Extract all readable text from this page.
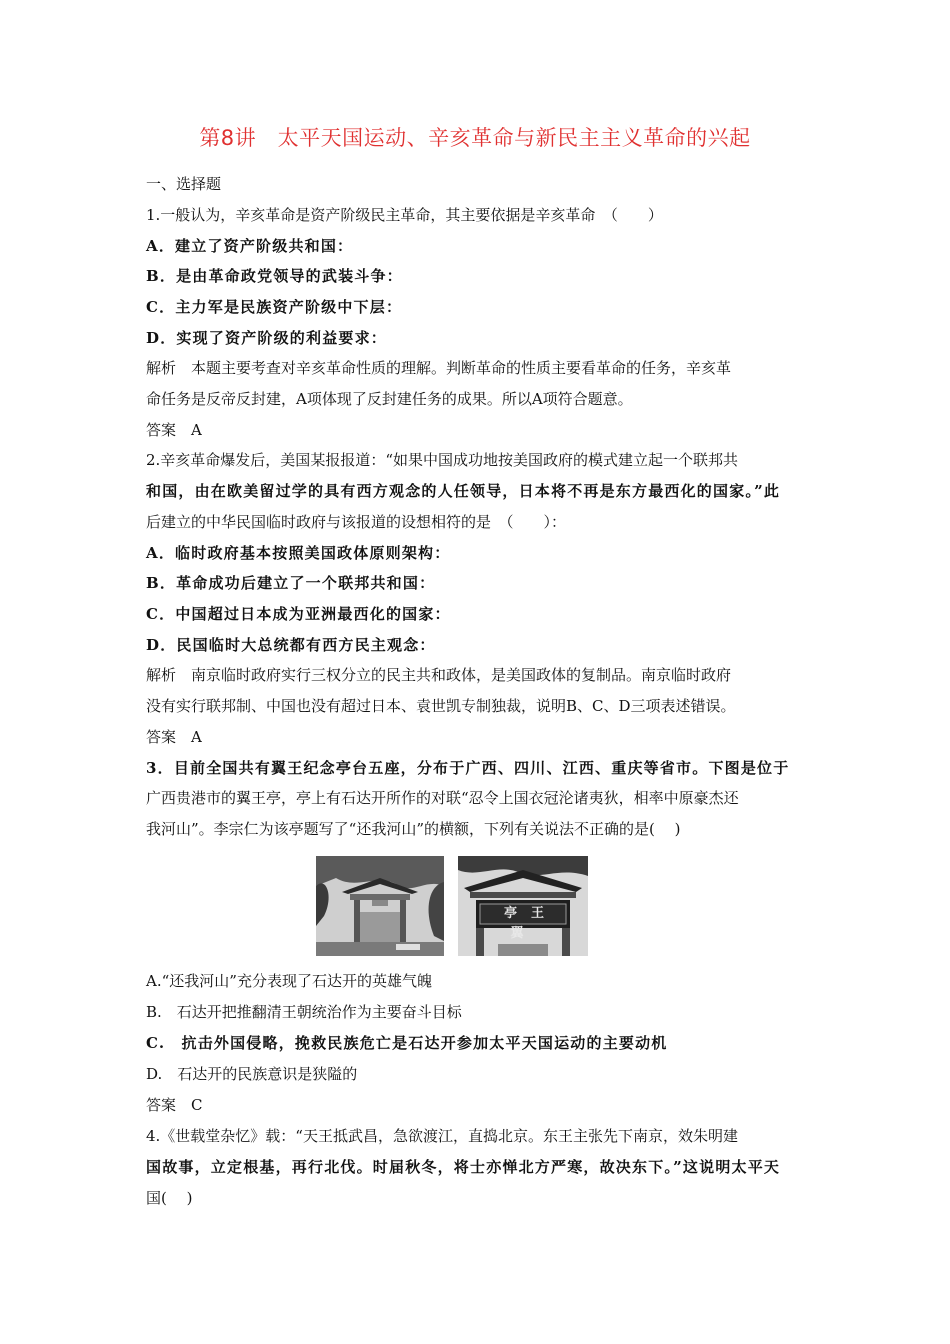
第8讲　太平天国运动、辛亥革命与新民主主义革命的兴起
一、选择题
1.一般认为，辛亥革命是资产阶级民主革命，其主要依据是辛亥革命　（　　）
A．建立了资产阶级共和国：
B．是由革命政党领导的武装斗争：
C．主力军是民族资产阶级中下层：
D．实现了资产阶级的利益要求：
解析　本题主要考查对辛亥革命性质的理解。判断革命的性质主要看革命的任务，辛亥革
命任务是反帝反封建，A项体现了反封建任务的成果。所以A项符合题意。
答案　A
2.辛亥革命爆发后，美国某报报道：“如果中国成功地按美国政府的模式建立起一个联邦共
和国，由在欧美留过学的具有西方观念的人任领导，日本将不再是东方最西化的国家。”此
后建立的中华民国临时政府与该报道的设想相符的是　（　　）：
A．临时政府基本按照美国政体原则架构：
B．革命成功后建立了一个联邦共和国：
C．中国超过日本成为亚洲最西化的国家：
D．民国临时大总统都有西方民主观念：
解析　南京临时政府实行三权分立的民主共和政体，是美国政体的复制品。南京临时政府
没有实行联邦制、中国也没有超过日本、袁世凯专制独裁，说明B、C、D三项表述错误。
答案　A
3．目前全国共有翼王纪念亭台五座，分布于广西、四川、江西、重庆等省市。下图是位于
广西贵港市的翼王亭，亭上有石达开所作的对联“忍令上国衣冠沦诸夷狄，相率中原豪杰还
我河山”。李宗仁为该亭题写了“还我河山”的横额，下列有关说法不正确的是(　 )
亭王翼
A.“还我河山”充分表现了石达开的英雄气魄
B.　石达开把推翻清王朝统治作为主要奋斗目标
C.　抗击外国侵略，挽救民族危亡是石达开参加太平天国运动的主要动机
D.　石达开的民族意识是狭隘的
答案　C
4.《世载堂杂忆》载：“天王抵武昌，急欲渡江，直捣北京。东王主张先下南京，效朱明建
国故事，立定根基，再行北伐。时届秋冬，将士亦惮北方严寒，故决东下。”这说明太平天
国(　 )
